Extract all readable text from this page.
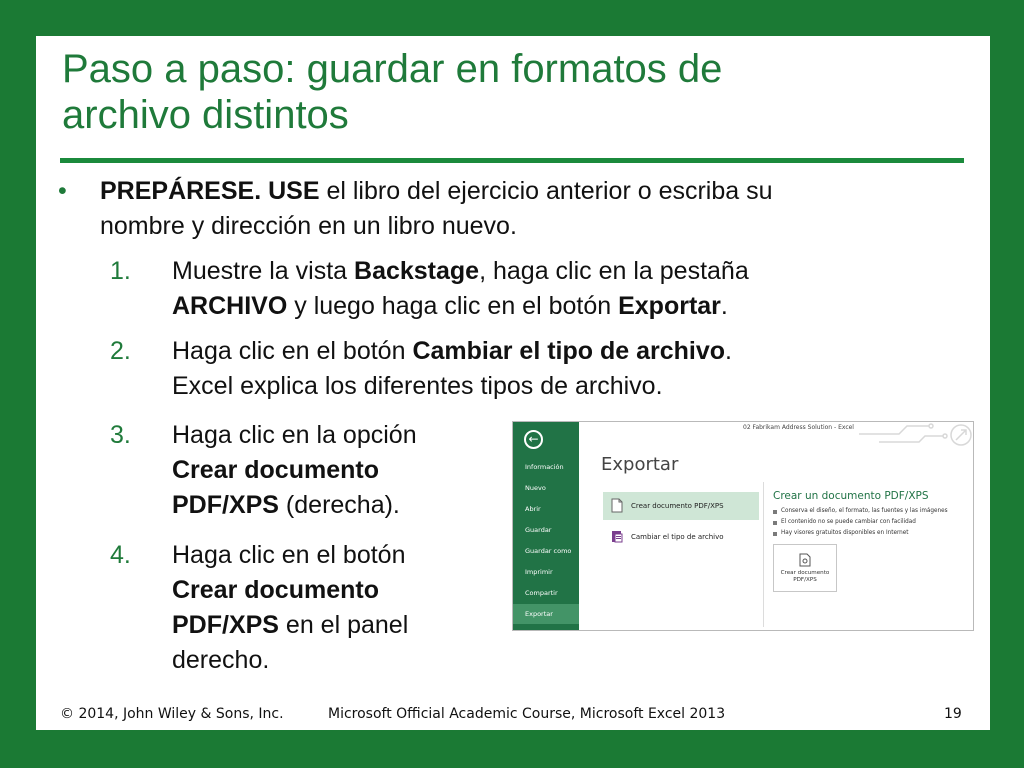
Paso a paso: guardar en formatos de
archivo distintos
• PREPÁRESE. USE el libro del ejercicio anterior o escriba su
nombre y dirección en un libro nuevo.
1. Muestre la vista Backstage, haga clic en la pestaña
ARCHIVO y luego haga clic en el botón Exportar.
2. Haga clic en el botón Cambiar el tipo de archivo.
Excel explica los diferentes tipos de archivo.
3. Haga clic en la opción
Crear documento
PDF/XPS (derecha).
4. Haga clic en el botón
Crear documento
PDF/XPS en el panel
derecho.
←
Información
Nuevo
Abrir
Guardar
Guardar como
Imprimir
Compartir
Exportar
02 Fabrikam Address Solution - Excel
Exportar
Crear documento PDF/XPS
Cambiar el tipo de archivo
Crear un documento PDF/XPS
Conserva el diseño, el formato, las fuentes y las imágenes
El contenido no se puede cambiar con facilidad
Hay visores gratuitos disponibles en Internet
Crear documento
PDF/XPS
© 2014, John Wiley & Sons, Inc.	Microsoft Official Academic Course, Microsoft Excel 2013	19
